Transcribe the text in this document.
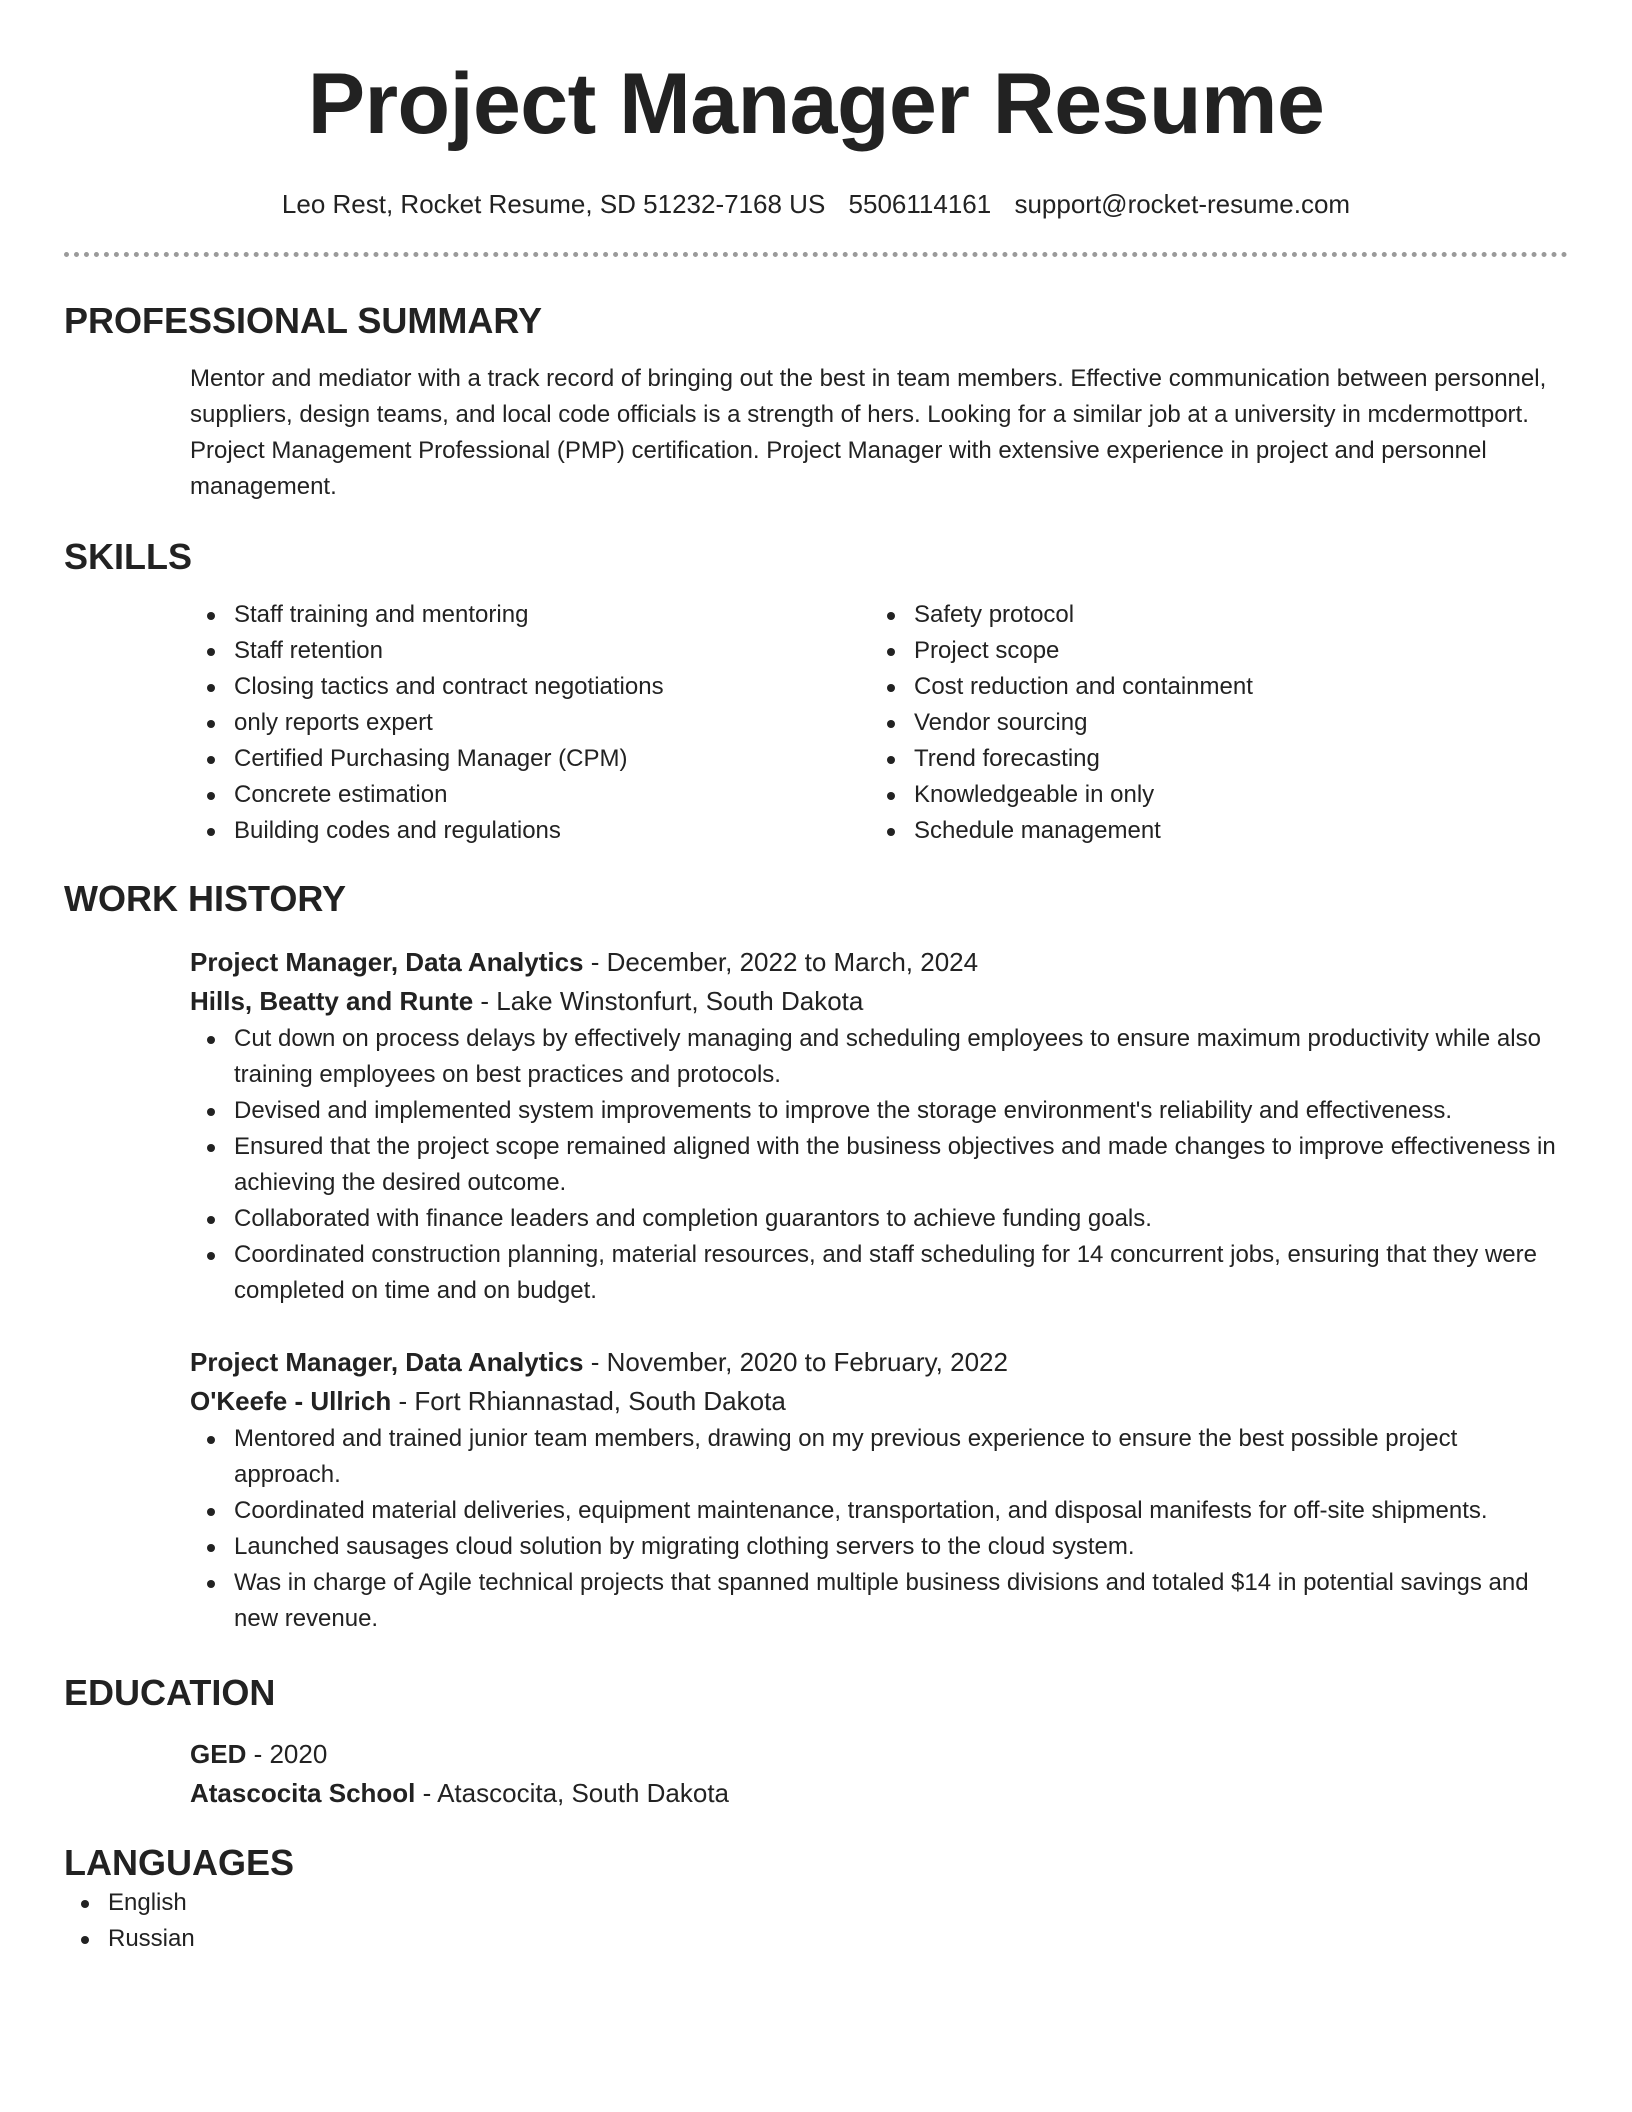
Project Manager Resume
Leo Rest, Rocket Resume, SD 51232-7168 US 5506114161 support@rocket-resume.com
PROFESSIONAL SUMMARY

Mentor and mediator with a track record of bringing out the best in team members. Effective communication between personnel, suppliers, design teams, and local code officials is a strength of hers. Looking for a similar job at a university in mcdermottport. Project Management Professional (PMP) certification. Project Manager with extensive experience in project and personnel management.

SKILLS
Staff training and mentoring
Staff retention
Closing tactics and contract negotiations
only reports expert
Certified Purchasing Manager (CPM)
Concrete estimation
Building codes and regulations
Safety protocol
Project scope
Cost reduction and containment
Vendor sourcing
Trend forecasting
Knowledgeable in only
Schedule management
WORK HISTORY
Project Manager, Data Analytics - December, 2022 to March, 2024
Hills, Beatty and Runte - Lake Winstonfurt, South Dakota
Cut down on process delays by effectively managing and scheduling employees to ensure maximum productivity while also training employees on best practices and protocols.
Devised and implemented system improvements to improve the storage environment's reliability and effectiveness.
Ensured that the project scope remained aligned with the business objectives and made changes to improve effectiveness in achieving the desired outcome.
Collaborated with finance leaders and completion guarantors to achieve funding goals.
Coordinated construction planning, material resources, and staff scheduling for 14 concurrent jobs, ensuring that they were completed on time and on budget.
Project Manager, Data Analytics - November, 2020 to February, 2022
O'Keefe - Ullrich - Fort Rhiannastad, South Dakota
Mentored and trained junior team members, drawing on my previous experience to ensure the best possible project approach.
Coordinated material deliveries, equipment maintenance, transportation, and disposal manifests for off-site shipments.
Launched sausages cloud solution by migrating clothing servers to the cloud system.
Was in charge of Agile technical projects that spanned multiple business divisions and totaled $14 in potential savings and new revenue.
EDUCATION
GED - 2020
Atascocita School - Atascocita, South Dakota
LANGUAGES
English
Russian
